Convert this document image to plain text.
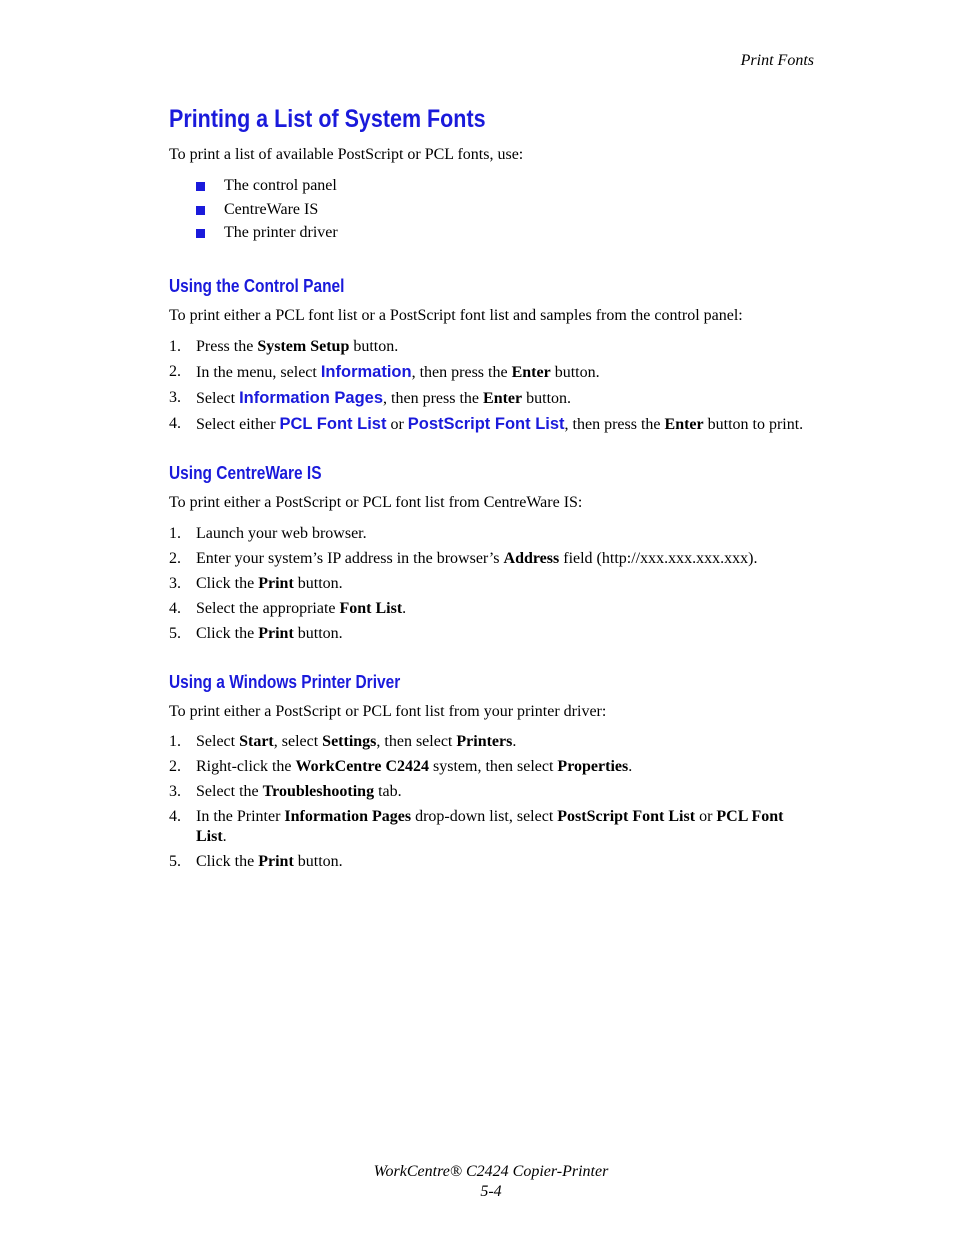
Print Fonts
Printing a List of System Fonts

To print a list of available PostScript or PCL fonts, use:

The control panel
CentreWare IS
The printer driver
Using the Control Panel

To print either a PCL font list or a PostScript font list and samples from the control panel:

1. Press the System Setup button.
2. In the menu, select Information, then press the Enter button.
3. Select Information Pages, then press the Enter button.
4. Select either PCL Font List or PostScript Font List, then press the Enter button to print.
Using CentreWare IS

To print either a PostScript or PCL font list from CentreWare IS:

1. Launch your web browser.
2. Enter your system’s IP address in the browser’s Address field (http://xxx.xxx.xxx.xxx).
3. Click the Print button.
4. Select the appropriate Font List.
5. Click the Print button.
Using a Windows Printer Driver

To print either a PostScript or PCL font list from your printer driver:

1. Select Start, select Settings, then select Printers.
2. Right-click the WorkCentre C2424 system, then select Properties.
3. Select the Troubleshooting tab.
4. In the Printer Information Pages drop-down list, select PostScript Font List or PCL Font List.
5. Click the Print button.
WorkCentre® C2424 Copier-Printer
5-4
